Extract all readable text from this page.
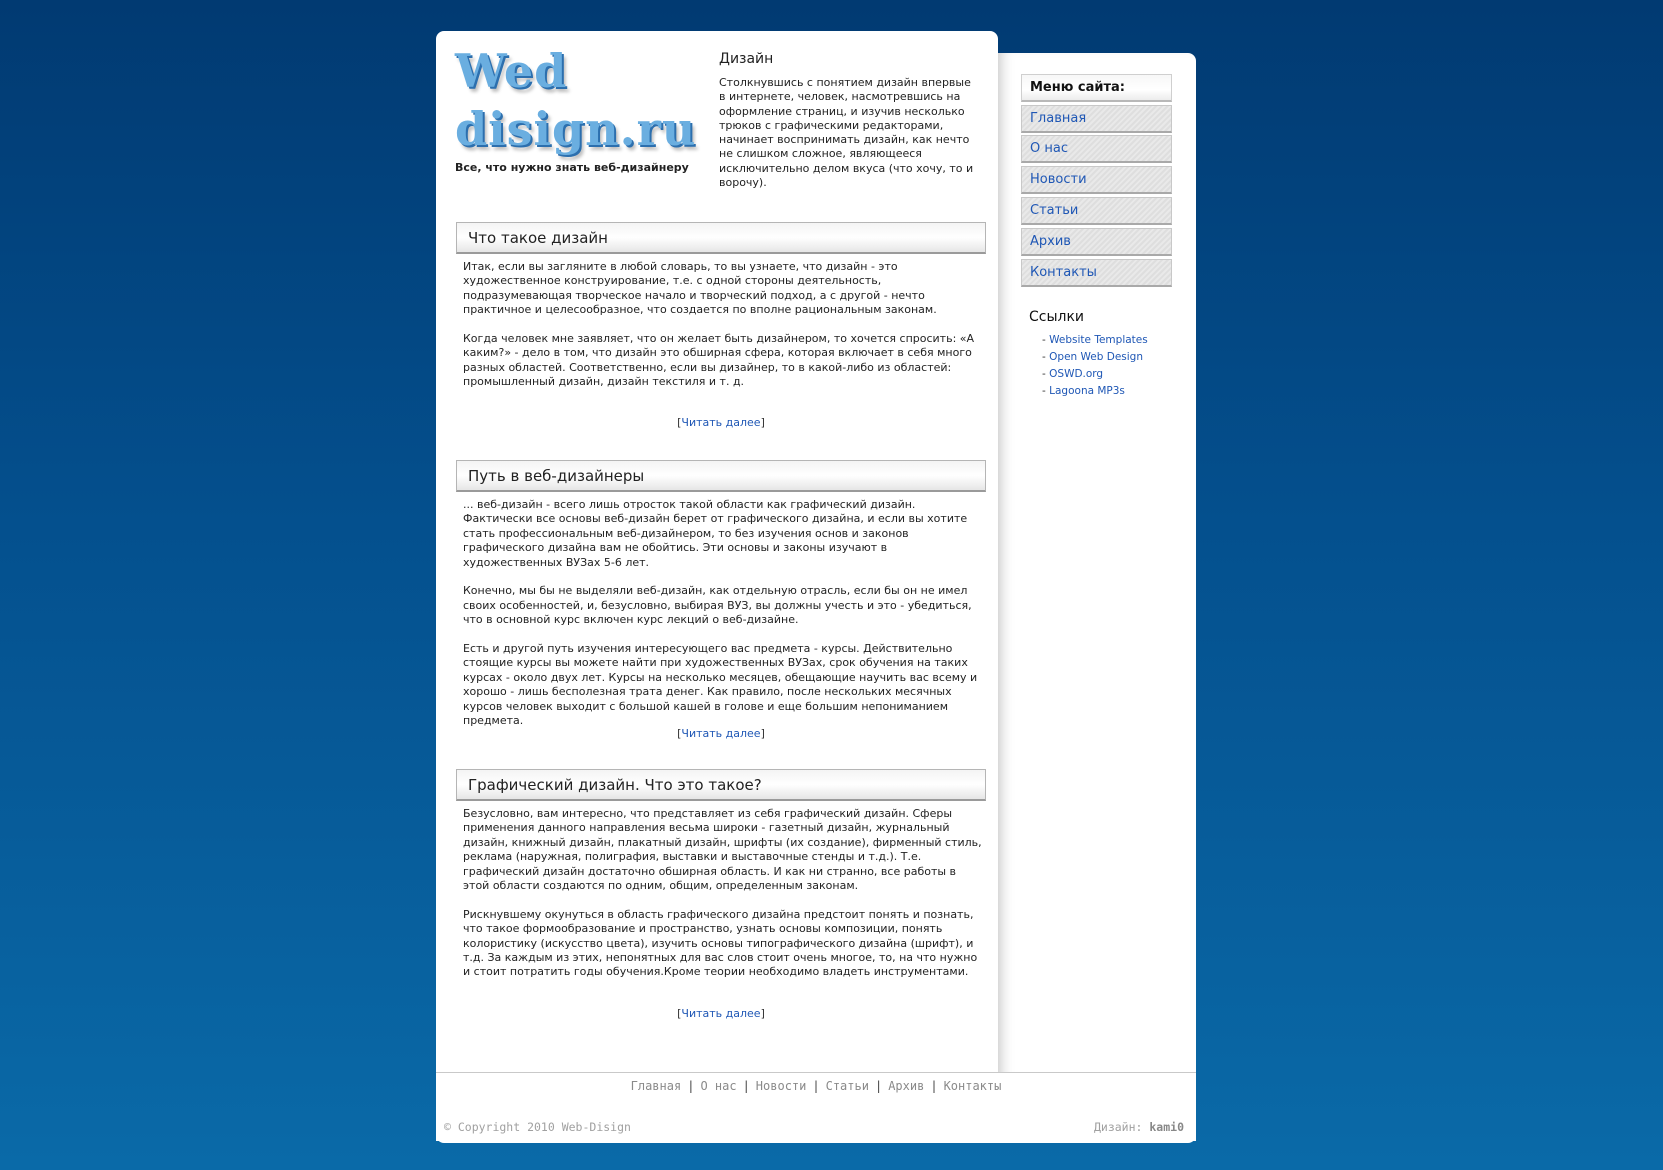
Wed
disign.ru
Все, что нужно знать веб-дизайнеру
Дизайн
Столкнувшись с понятием дизайн впервые в интернете, человек, насмотревшись на оформление страниц, и изучив несколько трюков с графическими редакторами, начинает воспринимать дизайн, как нечто не слишком сложное, являющееся исключительно делом вкуса (что хочу, то и ворочу).
Что такое дизайн

Итак, если вы загляните в любой словарь, то вы узнаете, что дизайн - это художественное конструирование, т.е. с одной стороны деятельность, подразумевающая творческое начало и творческий подход, а с другой - нечто практичное и целесообразное, что создается по вполне рациональным законам.

Когда человек мне заявляет, что он желает быть дизайнером, то хочется спросить: «А каким?» - дело в том, что дизайн это обширная сфера, которая включает в себя много разных областей. Соответственно, если вы дизайнер, то в какой-либо из областей: промышленный дизайн, дизайн текстиля и т. д.

[Читать далее]
Путь в веб-дизайнеры

... веб-дизайн - всего лишь отросток такой области как графический дизайн. Фактически все основы веб-дизайн берет от графического дизайна, и если вы хотите стать профессиональным веб-дизайнером, то без изучения основ и законов графического дизайна вам не обойтись. Эти основы и законы изучают в художественных ВУЗах 5-6 лет.

Конечно, мы бы не выделяли веб-дизайн, как отдельную отрасль, если бы он не имел своих особенностей, и, безусловно, выбирая ВУЗ, вы должны учесть и это - убедиться, что в основной курс включен курс лекций о веб-дизайне.

Есть и другой путь изучения интересующего вас предмета - курсы. Действительно стоящие курсы вы можете найти при художественных ВУЗах, срок обучения на таких курсах - около двух лет. Курсы на несколько месяцев, обещающие научить вас всему и хорошо - лишь бесполезная трата денег. Как правило, после нескольких месячных курсов человек выходит с большой кашей в голове и еще большим непониманием предмета.

[Читать далее]
Графический дизайн. Что это такое?

Безусловно, вам интересно, что представляет из себя графический дизайн. Сферы применения данного направления весьма широки - газетный дизайн, журнальный дизайн, книжный дизайн, плакатный дизайн, шрифты (их создание), фирменный стиль, реклама (наружная, полиграфия, выставки и выставочные стенды и т.д.). Т.е. графический дизайн достаточно обширная область. И как ни странно, все работы в этой области создаются по одним, общим, определенным законам.

Рискнувшему окунуться в область графического дизайна предстоит понять и познать, что такое формообразование и пространство, узнать основы композиции, понять колористику (искусство цвета), изучить основы типографического дизайна (шрифт), и т.д. За каждым из этих, непонятных для вас слов стоит очень многое, то, на что нужно и стоит потратить годы обучения.Кроме теории необходимо владеть инструментами.

[Читать далее]
Меню сайта:
Главная
О нас
Новости
Статьи
Архив
Контакты
Ссылки
- Website Templates
- Open Web Design
- OSWD.org
- Lagoona MP3s
Главная | О нас | Новости | Статьи | Архив | Контакты
© Copyright 2010 Web-Disign	Дизайн: kami0
